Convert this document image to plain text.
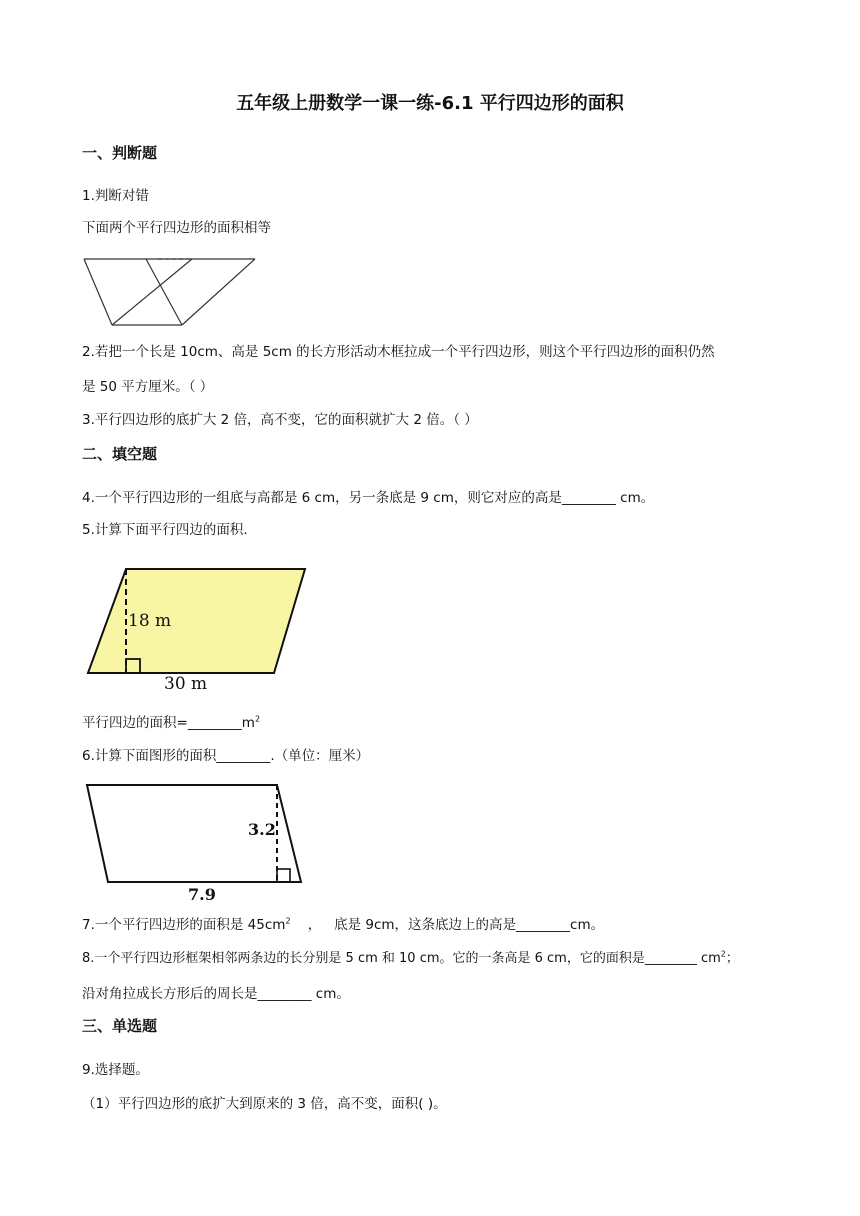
五年级上册数学一课一练-6.1 平行四边形的面积
一、判断题
1.判断对错
下面两个平行四边形的面积相等
2.若把一个长是 10cm、高是 5cm 的长方形活动木框拉成一个平行四边形，则这个平行四边形的面积仍然
是 50 平方厘米。（ ）
3.平行四边形的底扩大 2 倍，高不变，它的面积就扩大 2 倍。（ ）
二、填空题
4.一个平行四边形的一组底与高都是 6 cm，另一条底是 9 cm，则它对应的高是________ cm。
5.计算下面平行四边的面积.
18 m
30 m
平行四边的面积$=\_\_\_\_\_\_\_\_m^2$
6.计算下面图形的面积________.（单位：厘米）
3.2
7.9
7.一个平行四边形的面积是 $45cm^2$    ，   底是 9cm，这条底边上的高是________cm。
8.一个平行四边形框架相邻两条边的长分别是 5 cm 和 10 cm。它的一条高是 6 cm，它的面积是________ $cm^2$；
沿对角拉成长方形后的周长是________ cm。
三、单选题
9.选择题。
（1）平行四边形的底扩大到原来的 3 倍，高不变，面积( )。
